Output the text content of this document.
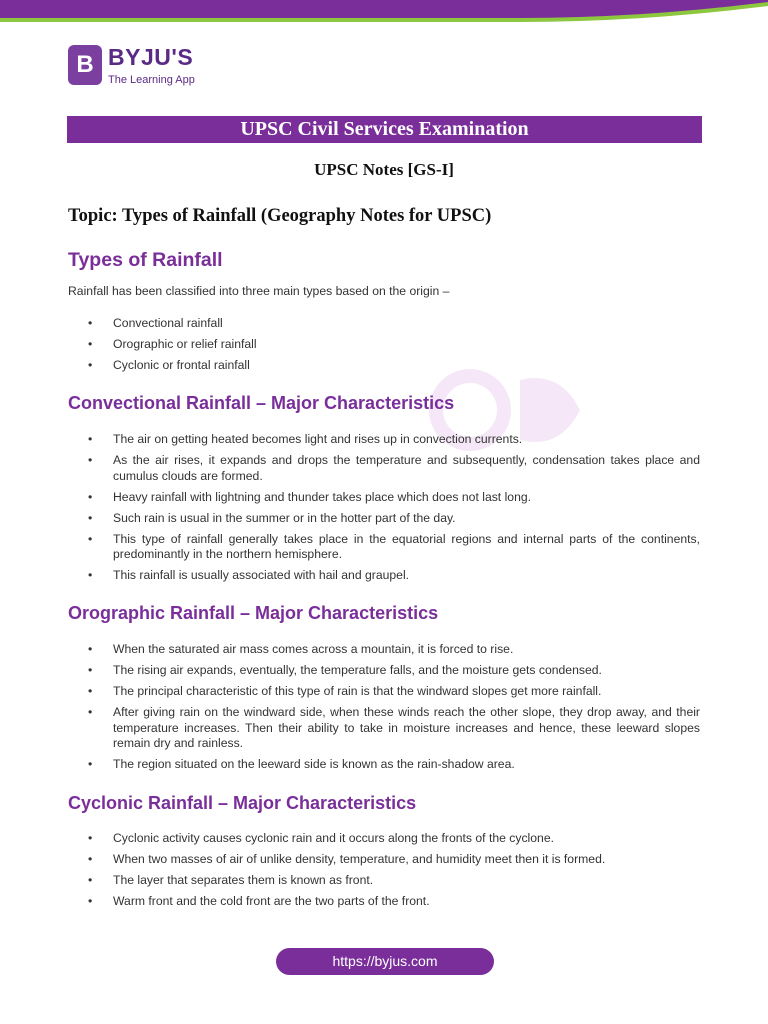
B BYJU'S
The Learning App
UPSC Civil Services Examination
UPSC Notes [GS-I]
Topic: Types of Rainfall (Geography Notes for UPSC)
Types of Rainfall
Rainfall has been classified into three main types based on the origin –
• Convectional rainfall
• Orographic or relief rainfall
• Cyclonic or frontal rainfall
Convectional Rainfall – Major Characteristics
• The air on getting heated becomes light and rises up in convection currents.
• As the air rises, it expands and drops the temperature and subsequently, condensation takes place and cumulus clouds are formed.
• Heavy rainfall with lightning and thunder takes place which does not last long.
• Such rain is usual in the summer or in the hotter part of the day.
• This type of rainfall generally takes place in the equatorial regions and internal parts of the continents, predominantly in the northern hemisphere.
• This rainfall is usually associated with hail and graupel.
Orographic Rainfall – Major Characteristics
• When the saturated air mass comes across a mountain, it is forced to rise.
• The rising air expands, eventually, the temperature falls, and the moisture gets condensed.
• The principal characteristic of this type of rain is that the windward slopes get more rainfall.
• After giving rain on the windward side, when these winds reach the other slope, they drop away, and their temperature increases. Then their ability to take in moisture increases and hence, these leeward slopes remain dry and rainless.
• The region situated on the leeward side is known as the rain-shadow area.
Cyclonic Rainfall – Major Characteristics
• Cyclonic activity causes cyclonic rain and it occurs along the fronts of the cyclone.
• When two masses of air of unlike density, temperature, and humidity meet then it is formed.
• The layer that separates them is known as front.
• Warm front and the cold front are the two parts of the front.
https://byjus.com
